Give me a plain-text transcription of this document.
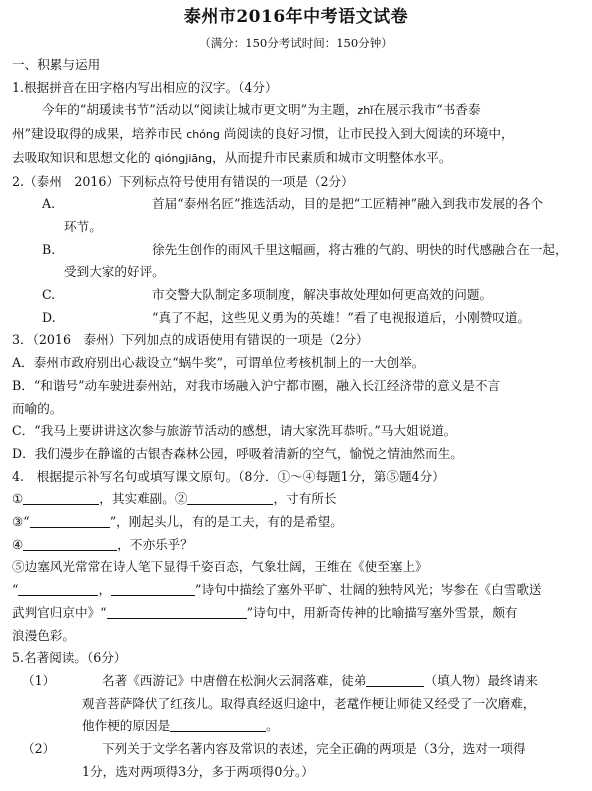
泰州市2016年中考语文试卷
（满分：150分考试时间：150分钟）
一、积累与运用
1.根据拼音在田字格内写出相应的汉字。（4分）
今年的“胡瑗读书节”活动以“阅读让城市更文明”为主题，zhǐ在展示我市“书香泰
州”建设取得的成果，培养市民 chóng 尚阅读的良好习惯，让市民投入到大阅读的环境中，
去吸取知识和思想文化的 qióngjiāng，从而提升市民素质和城市文明整体水平。
2.（泰州　2016）下列标点符号使用有错误的一项是（2分）
A.	首届“泰州名匠”推选活动，目的是把“工匠精神”融入到我市发展的各个
环节。
B.	徐先生创作的雨风千里这幅画，将古雅的气韵、明快的时代感融合在一起，
受到大家的好评。
C.	市交警大队制定多项制度，解决事故处理如何更高效的问题。
D.	“真了不起，这些见义勇为的英雄！”看了电视报道后，小刚赞叹道。
3．（2016　泰州）下列加点的成语使用有错误的一项是（2分）
A．泰州市政府别出心裁设立“蜗牛奖”，可谓单位考核机制上的一大创举。
B．“和谐号”动车驶进泰州站，对我市场融入沪宁都市圈，融入长江经济带的意义是不言
而喻的。
C．“我马上要讲讲这次参与旅游节活动的感想，请大家洗耳恭听。”马大姐说道。
D．我们漫步在静谧的古银杏森林公园，呼吸着清新的空气，愉悦之情油然而生。
4.　根据提示补写名句或填写课文原句。（8分．①～④每题1分，第⑤题4分）
①	，其实难副。②	，寸有所长
③“	”，刚起头儿，有的是工夫，有的是希望。
④	，不亦乐乎？
⑤边塞风光常常在诗人笔下显得千姿百态，气象壮阔，王维在《使至塞上》
“	，	”诗句中描绘了塞外平旷、壮阔的独特风光；岑参在《白雪歌送
武判官归京中》“	”诗句中，用新奇传神的比喻描写塞外雪景，颇有
浪漫色彩。
5.名著阅读。（6分）
（1）	名著《西游记》中唐僧在松涧火云洞落难，徒弟	（填人物）最终请来
观音菩萨降伏了红孩儿。取得真经返归途中，老鼋作梗让师徒又经受了一次磨难，
他作梗的原因是	。
（2）	下列关于文学名著内容及常识的表述，完全正确的两项是（3分，选对一项得
1分，选对两项得3分，多于两项得0分。）
